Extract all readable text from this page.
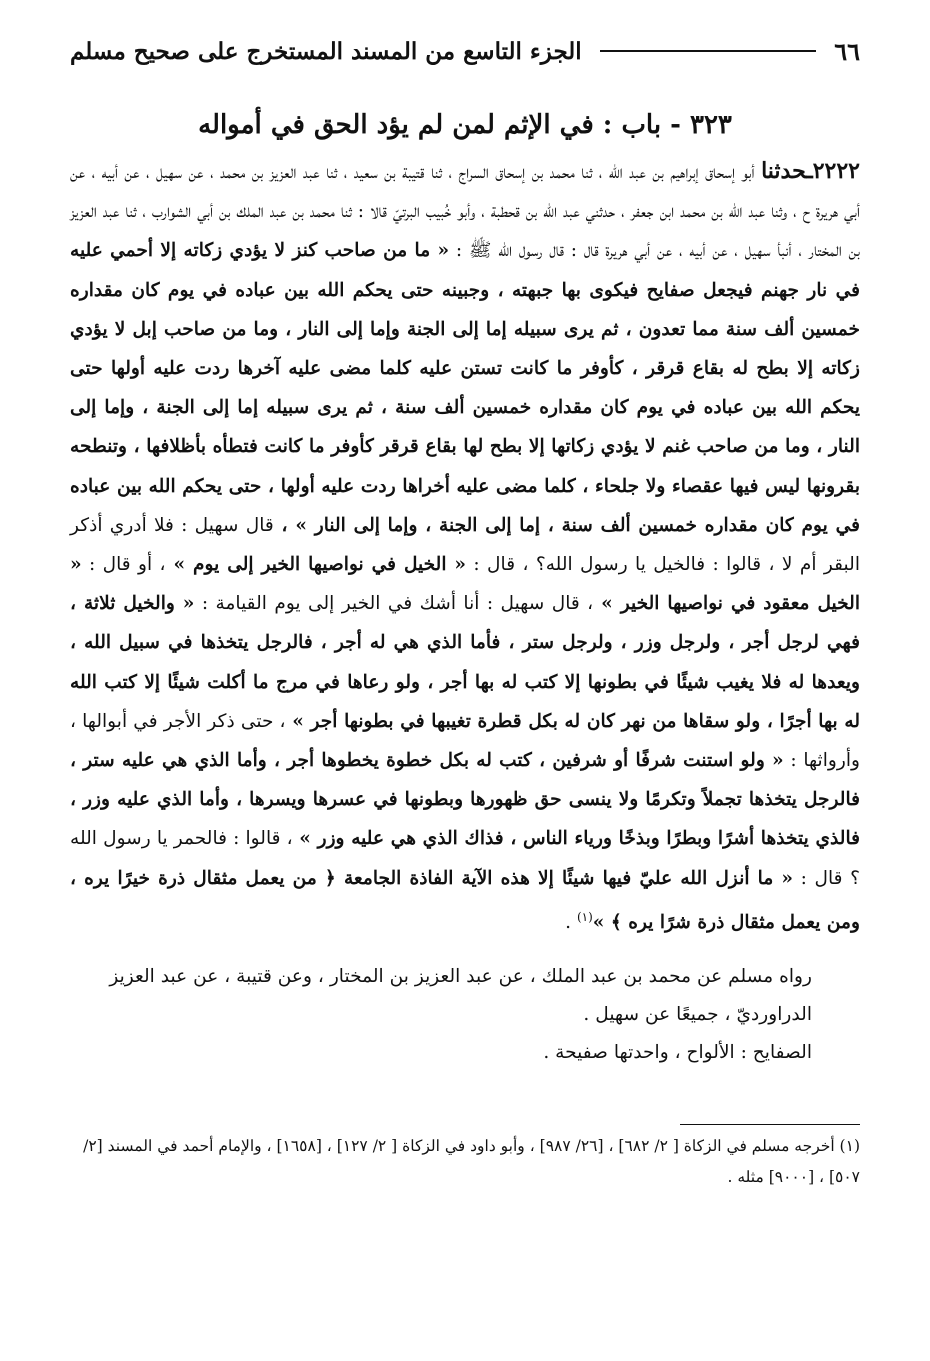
٦٦
الجزء التاسع من المسند المستخرج على صحيح مسلم
٣٢٣ - باب : في الإثم لمن لم يؤد الحق في أمواله

٢٢٢٢ـحدثنا أبو إسحاق إبراهيم بن عبد الله ، ثنا محمد بن إسحاق السراج ، ثنا قتيبة بن سعيد ، ثنا عبد العزيز بن محمد ، عن سهيل ، عن أبيه ، عن أبي هريرة ح ، وثنا عبد الله بن محمد ابن جعفر ، حدثني عبد الله بن قحطبة ، وأبو خُبيب البرتيّ قالا : ثنا محمد بن عبد الملك بن أبي الشوارب ، ثنا عبد العزيز بن المختار ، أنبأ سهيل ، عن أبيه ، عن أبي هريرة قال : قال رسول الله ﷺ : « ما من صاحب كنز لا يؤدي زكاته إلا أحمي عليه في نار جهنم فيجعل صفايح فيكوى بها جبهته ، وجبينه حتى يحكم الله بين عباده في يوم كان مقداره خمسين ألف سنة مما تعدون ، ثم يرى سبيله إما إلى الجنة وإما إلى النار ، وما من صاحب إبل لا يؤدي زكاته إلا بطح له بقاع قرقر ، كأوفر ما كانت تستن عليه كلما مضى عليه آخرها ردت عليه أولها حتى يحكم الله بين عباده في يوم كان مقداره خمسين ألف سنة ، ثم يرى سبيله إما إلى الجنة ، وإما إلى النار ، وما من صاحب غنم لا يؤدي زكاتها إلا بطح لها بقاع قرقر كأوفر ما كانت فتطأه بأظلافها ، وتنطحه بقرونها ليس فيها عقصاء ولا جلحاء ، كلما مضى عليه أخراها ردت عليه أولها ، حتى يحكم الله بين عباده في يوم كان مقداره خمسين ألف سنة ، إما إلى الجنة ، وإما إلى النار » ، قال سهيل : فلا أدري أذكر البقر أم لا ، قالوا : فالخيل يا رسول الله؟ ، قال : « الخيل في نواصيها الخير إلى يوم » ، أو قال : « الخيل معقود في نواصيها الخير » ، قال سهيل : أنا أشك في الخير إلى يوم القيامة : « والخيل ثلاثة ، فهي لرجل أجر ، ولرجل وزر ، ولرجل ستر ، فأما الذي هي له أجر ، فالرجل يتخذها في سبيل الله ، ويعدها له فلا يغيب شيئًا في بطونها إلا كتب له بها أجر ، ولو رعاها في مرج ما أكلت شيئًا إلا كتب الله له بها أجرًا ، ولو سقاها من نهر كان له بكل قطرة تغيبها في بطونها أجر » ، حتى ذكر الأجر في أبوالها ، وأرواثها : « ولو استنت شرفًا أو شرفين ، كتب له بكل خطوة يخطوها أجر ، وأما الذي هي عليه ستر ، فالرجل يتخذها تجملاً وتكرمًا ولا ينسى حق ظهورها وبطونها في عسرها ويسرها ، وأما الذي عليه وزر ، فالذي يتخذها أشرًا وبطرًا وبذخًا ورياء الناس ، فذاك الذي هي عليه وزر » ، قالوا : فالحمر يا رسول الله ؟ قال : « ما أنزل الله عليّ فيها شيئًا إلا هذه الآية الفاذة الجامعة ﴿ من يعمل مثقال ذرة خيرًا يره ، ومن يعمل مثقال ذرة شرًا يره ﴾ »$^{(١)}$ .

رواه مسلم عن محمد بن عبد الملك ، عن عبد العزيز بن المختار ، وعن قتيبة ، عن عبد العزيز الدراورديّ ، جميعًا عن سهيل .

الصفايح : الألواح ، واحدتها صفيحة .

(١) أخرجه مسلم في الزكاة [ ٢/ ٦٨٢] ، [٢٦/ ٩٨٧] ، وأبو داود في الزكاة [ ٢/ ١٢٧] ، [١٦٥٨] ، والإمام أحمد في المسند [٢/ ٥٠٧] ، [٩٠٠٠] مثله .
